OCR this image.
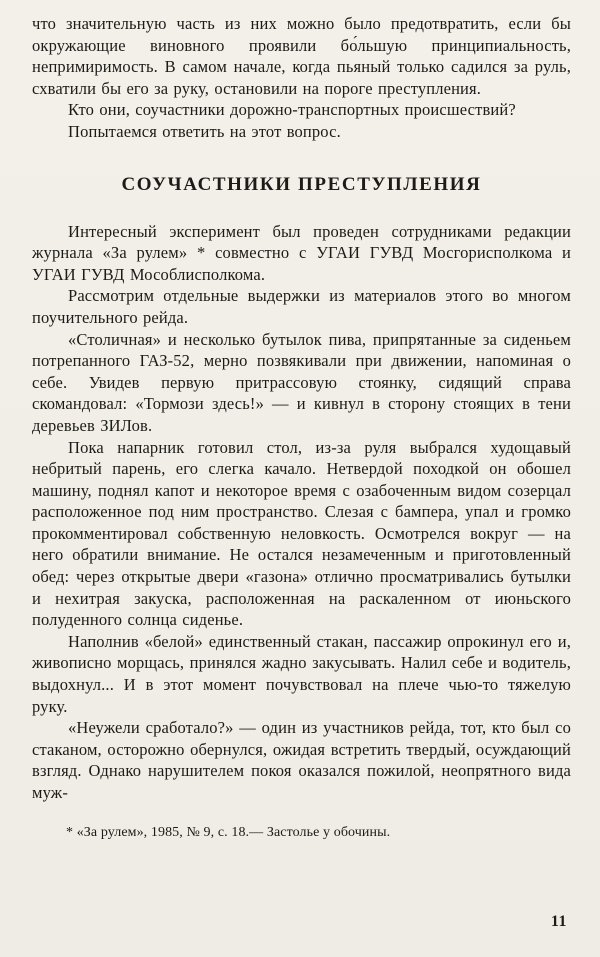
что значительную часть из них можно было предотвратить, если бы окружающие виновного проявили бо́льшую принципиальность, непримиримость. В самом начале, когда пьяный только садился за руль, схватили бы его за руку, остановили на пороге преступления.

Кто они, соучастники дорожно-транспортных происшествий?

Попытаемся ответить на этот вопрос.

СОУЧАСТНИКИ ПРЕСТУПЛЕНИЯ

Интересный эксперимент был проведен сотрудниками редакции журнала «За рулем» * совместно с УГАИ ГУВД Мосгорисполкома и УГАИ ГУВД Мособлисполкома.

Рассмотрим отдельные выдержки из материалов этого во многом поучительного рейда.

«Столичная» и несколько бутылок пива, припрятанные за сиденьем потрепанного ГАЗ-52, мерно позвякивали при движении, напоминая о себе. Увидев первую притрассовую стоянку, сидящий справа скомандовал: «Тормози здесь!» — и кивнул в сторону стоящих в тени деревьев ЗИЛов.

Пока напарник готовил стол, из-за руля выбрался худощавый небритый парень, его слегка качало. Нетвердой походкой он обошел машину, поднял капот и некоторое время с озабоченным видом созерцал расположенное под ним пространство. Слезая с бампера, упал и громко прокомментировал собственную неловкость. Осмотрелся вокруг — на него обратили внимание. Не остался незамеченным и приготовленный обед: через открытые двери «газона» отлично просматривались бутылки и нехитрая закуска, расположенная на раскаленном от июньского полуденного солнца сиденье.

Наполнив «белой» единственный стакан, пассажир опрокинул его и, живописно морщась, принялся жадно закусывать. Налил себе и водитель, выдохнул... И в этот момент почувствовал на плече чью-то тяжелую руку.

«Неужели сработало?» — один из участников рейда, тот, кто был со стаканом, осторожно обернулся, ожидая встретить твердый, осуждающий взгляд. Однако нарушителем покоя оказался пожилой, неопрятного вида муж-

* «За рулем», 1985, № 9, с. 18.— Застолье у обочины.
11
